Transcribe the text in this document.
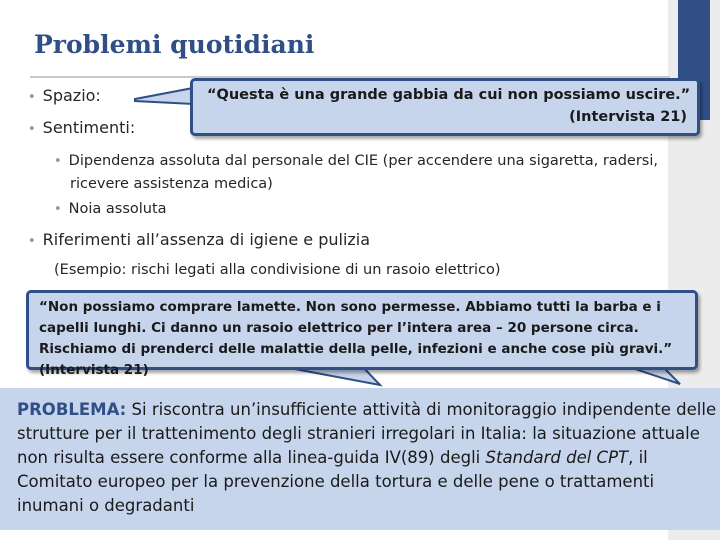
Problemi quotidiani
• Spazio:
• Sentimenti:
• Dipendenza assoluta dal personale del CIE (per accendere una sigaretta, radersi, ricevere assistenza medica)
• Noia assoluta
• Riferimenti all’assenza di igiene e pulizia
(Esempio: rischi legati alla condivisione di un rasoio elettrico)
“Questa è una grande gabbia da cui non possiamo uscire.”
(Intervista 21)
“Non possiamo comprare lamette. Non sono permesse. Abbiamo tutti la barba e i capelli lunghi. Ci danno un rasoio elettrico per l’intera area – 20 persone circa. Rischiamo di prenderci delle malattie della pelle, infezioni e anche cose più gravi.” (Intervista 21)
PROBLEMA: Si riscontra un’insufficiente attività di monitoraggio indipendente delle strutture per il trattenimento degli stranieri irregolari in Italia: la situazione attuale non risulta essere conforme alla linea-guida IV(89) degli Standard del CPT, il Comitato europeo per la prevenzione della tortura e delle pene o trattamenti inumani o degradanti
